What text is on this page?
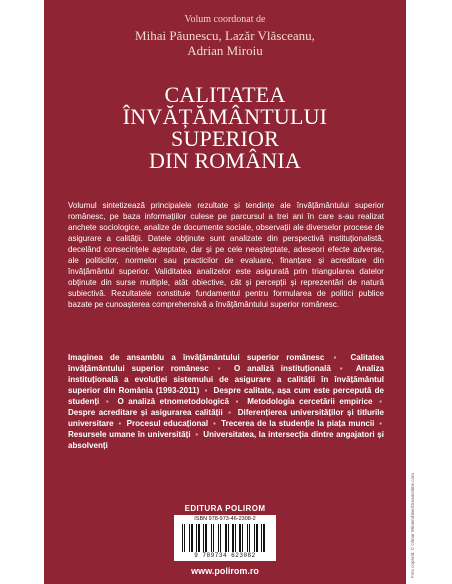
Volum coordonat de
Mihai Păunescu, Lazăr Vlăsceanu,
Adrian Miroiu
CALITATEA
ÎNVĂȚĂMÂNTULUI
SUPERIOR
DIN ROMÂNIA
Volumul sintetizează principalele rezultate și tendințe ale învățământului superior românesc, pe baza informațiilor culese pe parcursul a trei ani în care s-au realizat anchete sociologice, analize de documente sociale, observații ale diverselor procese de asigurare a calității. Datele obținute sunt analizate din perspectivă instituționalistă, decelând consecințele așteptate, dar și pe cele neașteptate, adeseori efecte adverse, ale politicilor, normelor sau practicilor de evaluare, finanțare și acreditare din învățământul superior. Validitatea analizelor este asigurată prin triangularea datelor obținute din surse multiple, atât obiective, cât și percepții și reprezentări de natură subiectivă. Rezultatele constituie fundamentul pentru formularea de politici publice bazate pe cunoașterea comprehensivă a învățământului superior românesc.
Imaginea de ansamblu a învățământului superior românesc ▪ Calitatea învățământului superior românesc ▪ O analiză instituțională ▪ Analiza instituțională a evoluției sistemului de asigurare a calității în învățământul superior din România (1993-2011) ▪ Despre calitate, așa cum este percepută de studenți ▪ O analiză etnometodologică ▪ Metodologia cercetării empirice ▪ Despre acreditare și asigurarea calității ▪ Diferențierea universităților și titlurile universitare ▪ Procesul educațional ▪ Trecerea de la studenție la piața muncii ▪ Resursele umane în universități ▪ Universitatea, la intersecția dintre angajatori și absolvenți
EDITURA POLIROM
ISBN 978-973-46-2308-2
9 789734 623082
www.polirom.ro	Foto copertă: © Olmar Wintershine/Dreamstime.com
